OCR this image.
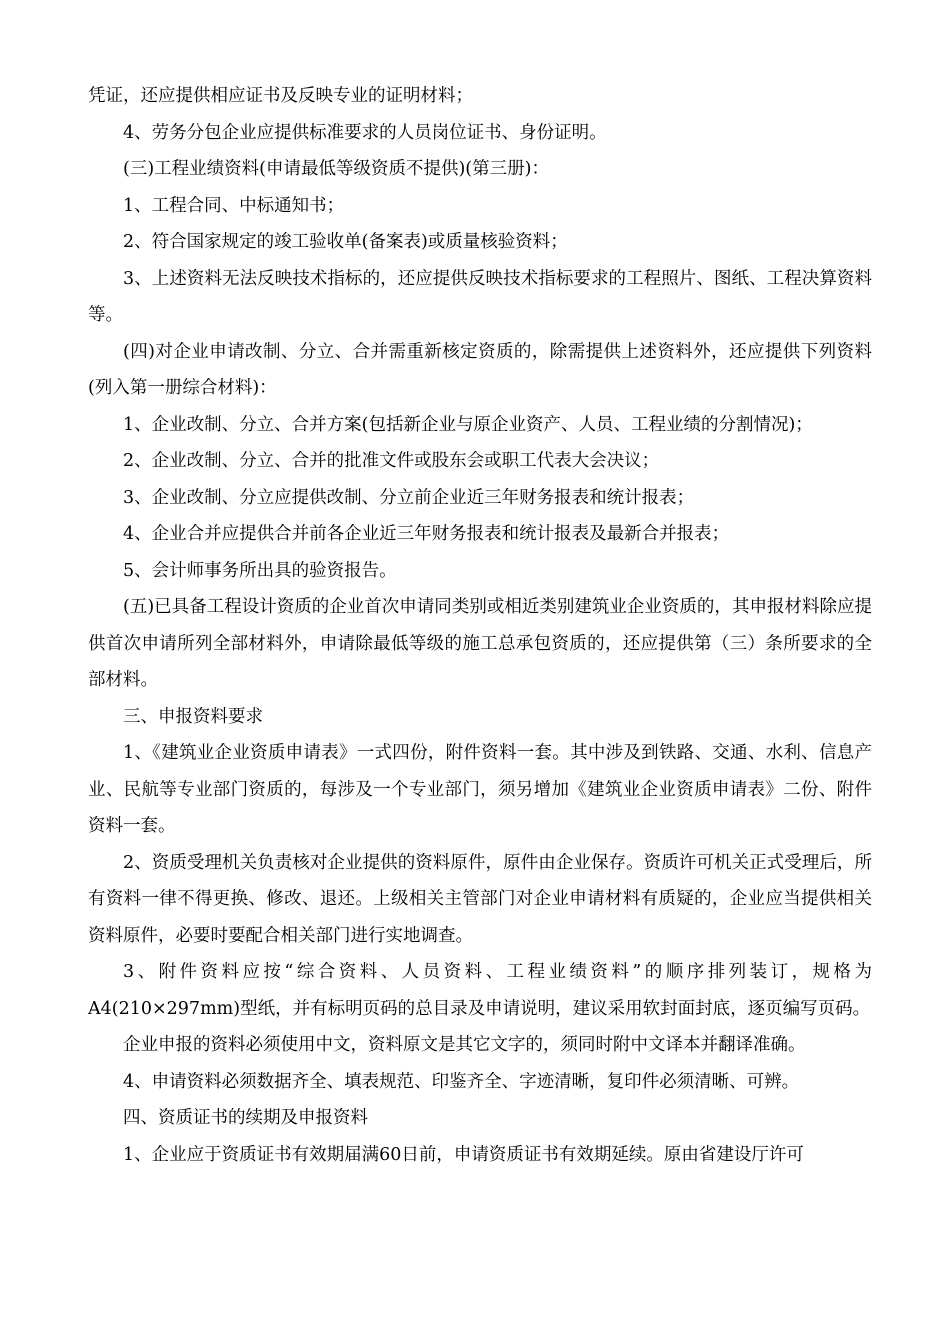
凭证，还应提供相应证书及反映专业的证明材料；

4、劳务分包企业应提供标准要求的人员岗位证书、身份证明。

(三)工程业绩资料(申请最低等级资质不提供)(第三册)：

1、工程合同、中标通知书；

2、符合国家规定的竣工验收单(备案表)或质量核验资料；

3、上述资料无法反映技术指标的，还应提供反映技术指标要求的工程照片、图纸、工程决算资料等。

(四)对企业申请改制、分立、合并需重新核定资质的，除需提供上述资料外，还应提供下列资料(列入第一册综合材料)：

1、企业改制、分立、合并方案(包括新企业与原企业资产、人员、工程业绩的分割情况)；

2、企业改制、分立、合并的批准文件或股东会或职工代表大会决议；

3、企业改制、分立应提供改制、分立前企业近三年财务报表和统计报表；

4、企业合并应提供合并前各企业近三年财务报表和统计报表及最新合并报表；

5、会计师事务所出具的验资报告。

(五)已具备工程设计资质的企业首次申请同类别或相近类别建筑业企业资质的，其申报材料除应提供首次申请所列全部材料外，申请除最低等级的施工总承包资质的，还应提供第（三）条所要求的全部材料。

三、申报资料要求

1、《建筑业企业资质申请表》一式四份，附件资料一套。其中涉及到铁路、交通、水利、信息产业、民航等专业部门资质的，每涉及一个专业部门，须另增加《建筑业企业资质申请表》二份、附件资料一套。

2、资质受理机关负责核对企业提供的资料原件，原件由企业保存。资质许可机关正式受理后，所有资料一律不得更换、修改、退还。上级相关主管部门对企业申请材料有质疑的，企业应当提供相关资料原件，必要时要配合相关部门进行实地调查。

3、附件资料应按“综合资料、人员资料、工程业绩资料”的顺序排列装订，规格为A4(210×297mm)型纸，并有标明页码的总目录及申请说明，建议采用软封面封底，逐页编写页码。

企业申报的资料必须使用中文，资料原文是其它文字的，须同时附中文译本并翻译准确。

4、申请资料必须数据齐全、填表规范、印鉴齐全、字迹清晰，复印件必须清晰、可辨。

四、资质证书的续期及申报资料

1、企业应于资质证书有效期届满60日前，申请资质证书有效期延续。原由省建设厅许可
